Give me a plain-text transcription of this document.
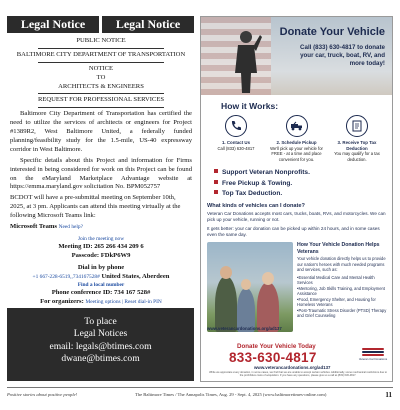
Legal Notice	Legal Notice
PUBLIC NOTICE
BALTIMORE CITY DEPARTMENT OF TRANSPORTATION
NOTICE
TO
ARCHITECTS & ENGINEERS
REQUEST FOR PROFESSIONAL SERVICES

Baltimore City Department of Transportation has certified the need to utilize the services of architects or engineers for Project #1389R2, West Baltimore United, a federally funded planning/feasibility study for the 1.5-mile, US-40 expressway corridor in West Baltimore.

Specific details about this Project and information for Firms interested in being considered for work on this Project can be found on the eMaryland Marketplace Advantage website at https://emma.maryland.gov solicitation No. BPM052757

BCDOT will have a pre-submittal meeting on September 10th, 2025, at 3 pm. Applicants can attend this meeting virtually at the following Microsoft Teams link:

Microsoft Teams Need help?

Join the meeting now

Meeting ID: 265 266 434 209 6
Passcode: FDkP6W9
Dial in by phone
+1 667-228-6519,,734167528# United States, Aberdeen
Find a local number
Phone conference ID: 734 167 528#
For organizers: Meeting options | Reset dial-in PIN
To place
Legal Notices
email: legals@btimes.com
dwane@btimes.com
Donate Your Vehicle
Call (833) 630-4817 to donate your car, truck, boat, RV, and more today!
How it Works:
1. Contact Us
Call (833) 630-4817
2. Schedule Pickup
We'll pick up your vehicle for FREE - at a time and place convenient for you.
3. Receive Top Tax Deduction
You may qualify for a tax deduction.
Support Veteran Nonprofits.
Free Pickup & Towing.
Top Tax Deduction.
What kinds of vehicles can I donate?
Veteran Car Donations accepts most cars, trucks, boats, RVs, and motorcycles. We can pick up your vehicle, running or not.
It gets better: your car donation can be picked up within 24 hours, and in some cases even the same day.
How Your Vehicle Donation Helps Veterans
Your vehicle donation directly helps us to provide our nation's heroes with much needed programs and services, such as:
• Essential Medical Care and Mental Health Services
• Mentoring, Job Skills Training, and Employment Assistance
• Food, Emergency Shelter, and Housing for Homeless Veterans
• Post-Traumatic Stress Disorder (PTSD) Therapy and Grief Counseling
www.veterancardonations.org/ad137
Donate Your Vehicle Today
833-630-4817
www.veterancardonations.org/ad137
Veteran Car Donations
While we appreciate every donation, in some cases, we find that we are unable to accept certain vehicles. Additionally, some mechanical restrictions due to the prohibitive costs of acquisition. If you have any questions, please give us a call at (833) 630-4817.
Positive stories about positive people!	The Baltimore Times / The Annapolis Times, Aug. 29 - Sept. 4, 2025 (www.baltimoretimes-online.com)	11
